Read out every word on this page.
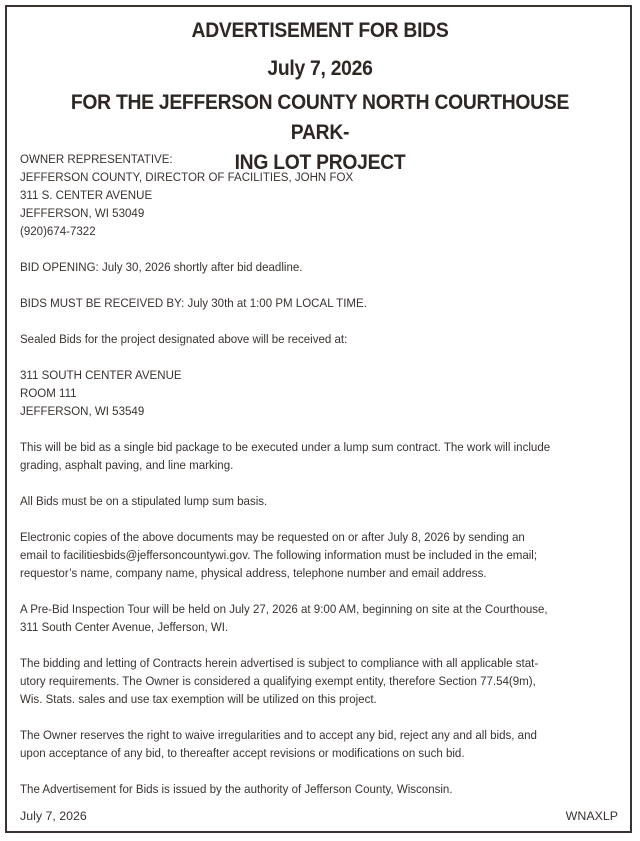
ADVERTISEMENT FOR BIDS
July 7, 2026
FOR THE JEFFERSON COUNTY NORTH COURTHOUSE PARK-
ING LOT PROJECT
OWNER REPRESENTATIVE:
JEFFERSON COUNTY, DIRECTOR OF FACILITIES, JOHN FOX
311 S. CENTER AVENUE
JEFFERSON, WI 53049
(920)674-7322
BID OPENING: July 30, 2026 shortly after bid deadline.
BIDS MUST BE RECEIVED BY: July 30th at 1:00 PM LOCAL TIME.
Sealed Bids for the project designated above will be received at:
311 SOUTH CENTER AVENUE
ROOM 111
JEFFERSON, WI 53549
This will be bid as a single bid package to be executed under a lump sum contract. The work will include
grading, asphalt paving, and line marking.
All Bids must be on a stipulated lump sum basis.
Electronic copies of the above documents may be requested on or after July 8, 2026 by sending an
email to facilitiesbids@jeffersoncountywi.gov. The following information must be included in the email;
requestor’s name, company name, physical address, telephone number and email address.
A Pre-Bid Inspection Tour will be held on July 27, 2026 at 9:00 AM, beginning on site at the Courthouse,
311 South Center Avenue, Jefferson, WI.
The bidding and letting of Contracts herein advertised is subject to compliance with all applicable stat-
utory requirements. The Owner is considered a qualifying exempt entity, therefore Section 77.54(9m),
Wis. Stats. sales and use tax exemption will be utilized on this project.
The Owner reserves the right to waive irregularities and to accept any bid, reject any and all bids, and
upon acceptance of any bid, to thereafter accept revisions or modifications on such bid.
The Advertisement for Bids is issued by the authority of Jefferson County, Wisconsin.
July 7, 2026	WNAXLP
